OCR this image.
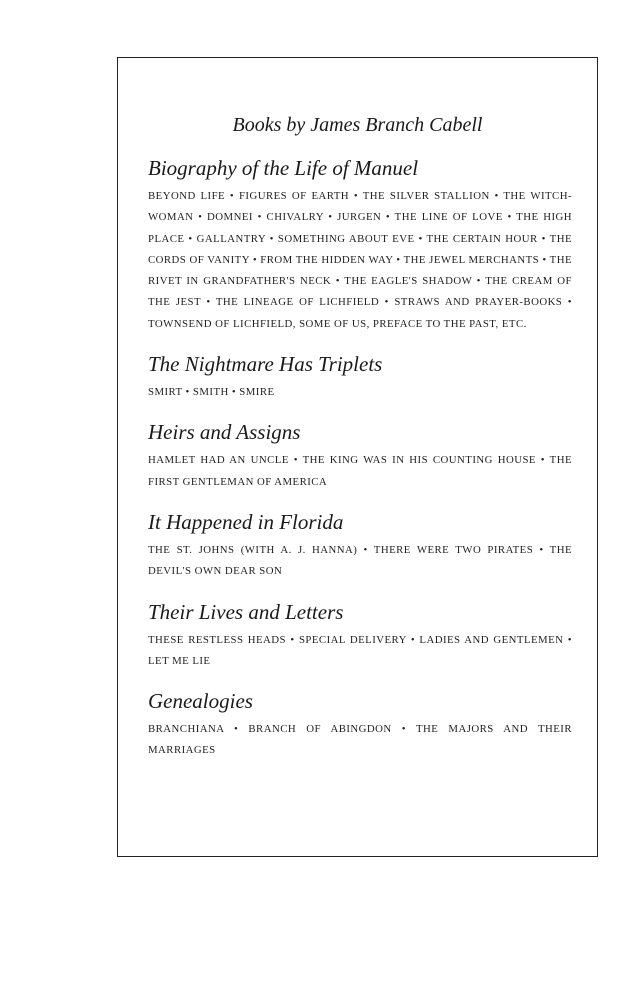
Books by James Branch Cabell
Biography of the Life of Manuel

BEYOND LIFE • FIGURES OF EARTH • THE SILVER STALLION • THE WITCH-WOMAN • DOMNEI • CHIVALRY • JURGEN • THE LINE OF LOVE • THE HIGH PLACE • GALLANTRY • SOMETHING ABOUT EVE • THE CERTAIN HOUR • THE CORDS OF VANITY • FROM THE HIDDEN WAY • THE JEWEL MERCHANTS • THE RIVET IN GRANDFATHER'S NECK • THE EAGLE'S SHADOW • THE CREAM OF THE JEST • THE LINEAGE OF LICHFIELD • STRAWS AND PRAYER-BOOKS • TOWNSEND OF LICHFIELD, SOME OF US, PREFACE TO THE PAST, ETC.

The Nightmare Has Triplets

SMIRT • SMITH • SMIRE

Heirs and Assigns

HAMLET HAD AN UNCLE • THE KING WAS IN HIS COUNTING HOUSE • THE FIRST GENTLEMAN OF AMERICA

It Happened in Florida

THE ST. JOHNS (WITH A. J. HANNA) • THERE WERE TWO PIRATES • THE DEVIL'S OWN DEAR SON

Their Lives and Letters

THESE RESTLESS HEADS • SPECIAL DELIVERY • LADIES AND GENTLEMEN • LET ME LIE

Genealogies

BRANCHIANA • BRANCH OF ABINGDON • THE MAJORS AND THEIR MARRIAGES
